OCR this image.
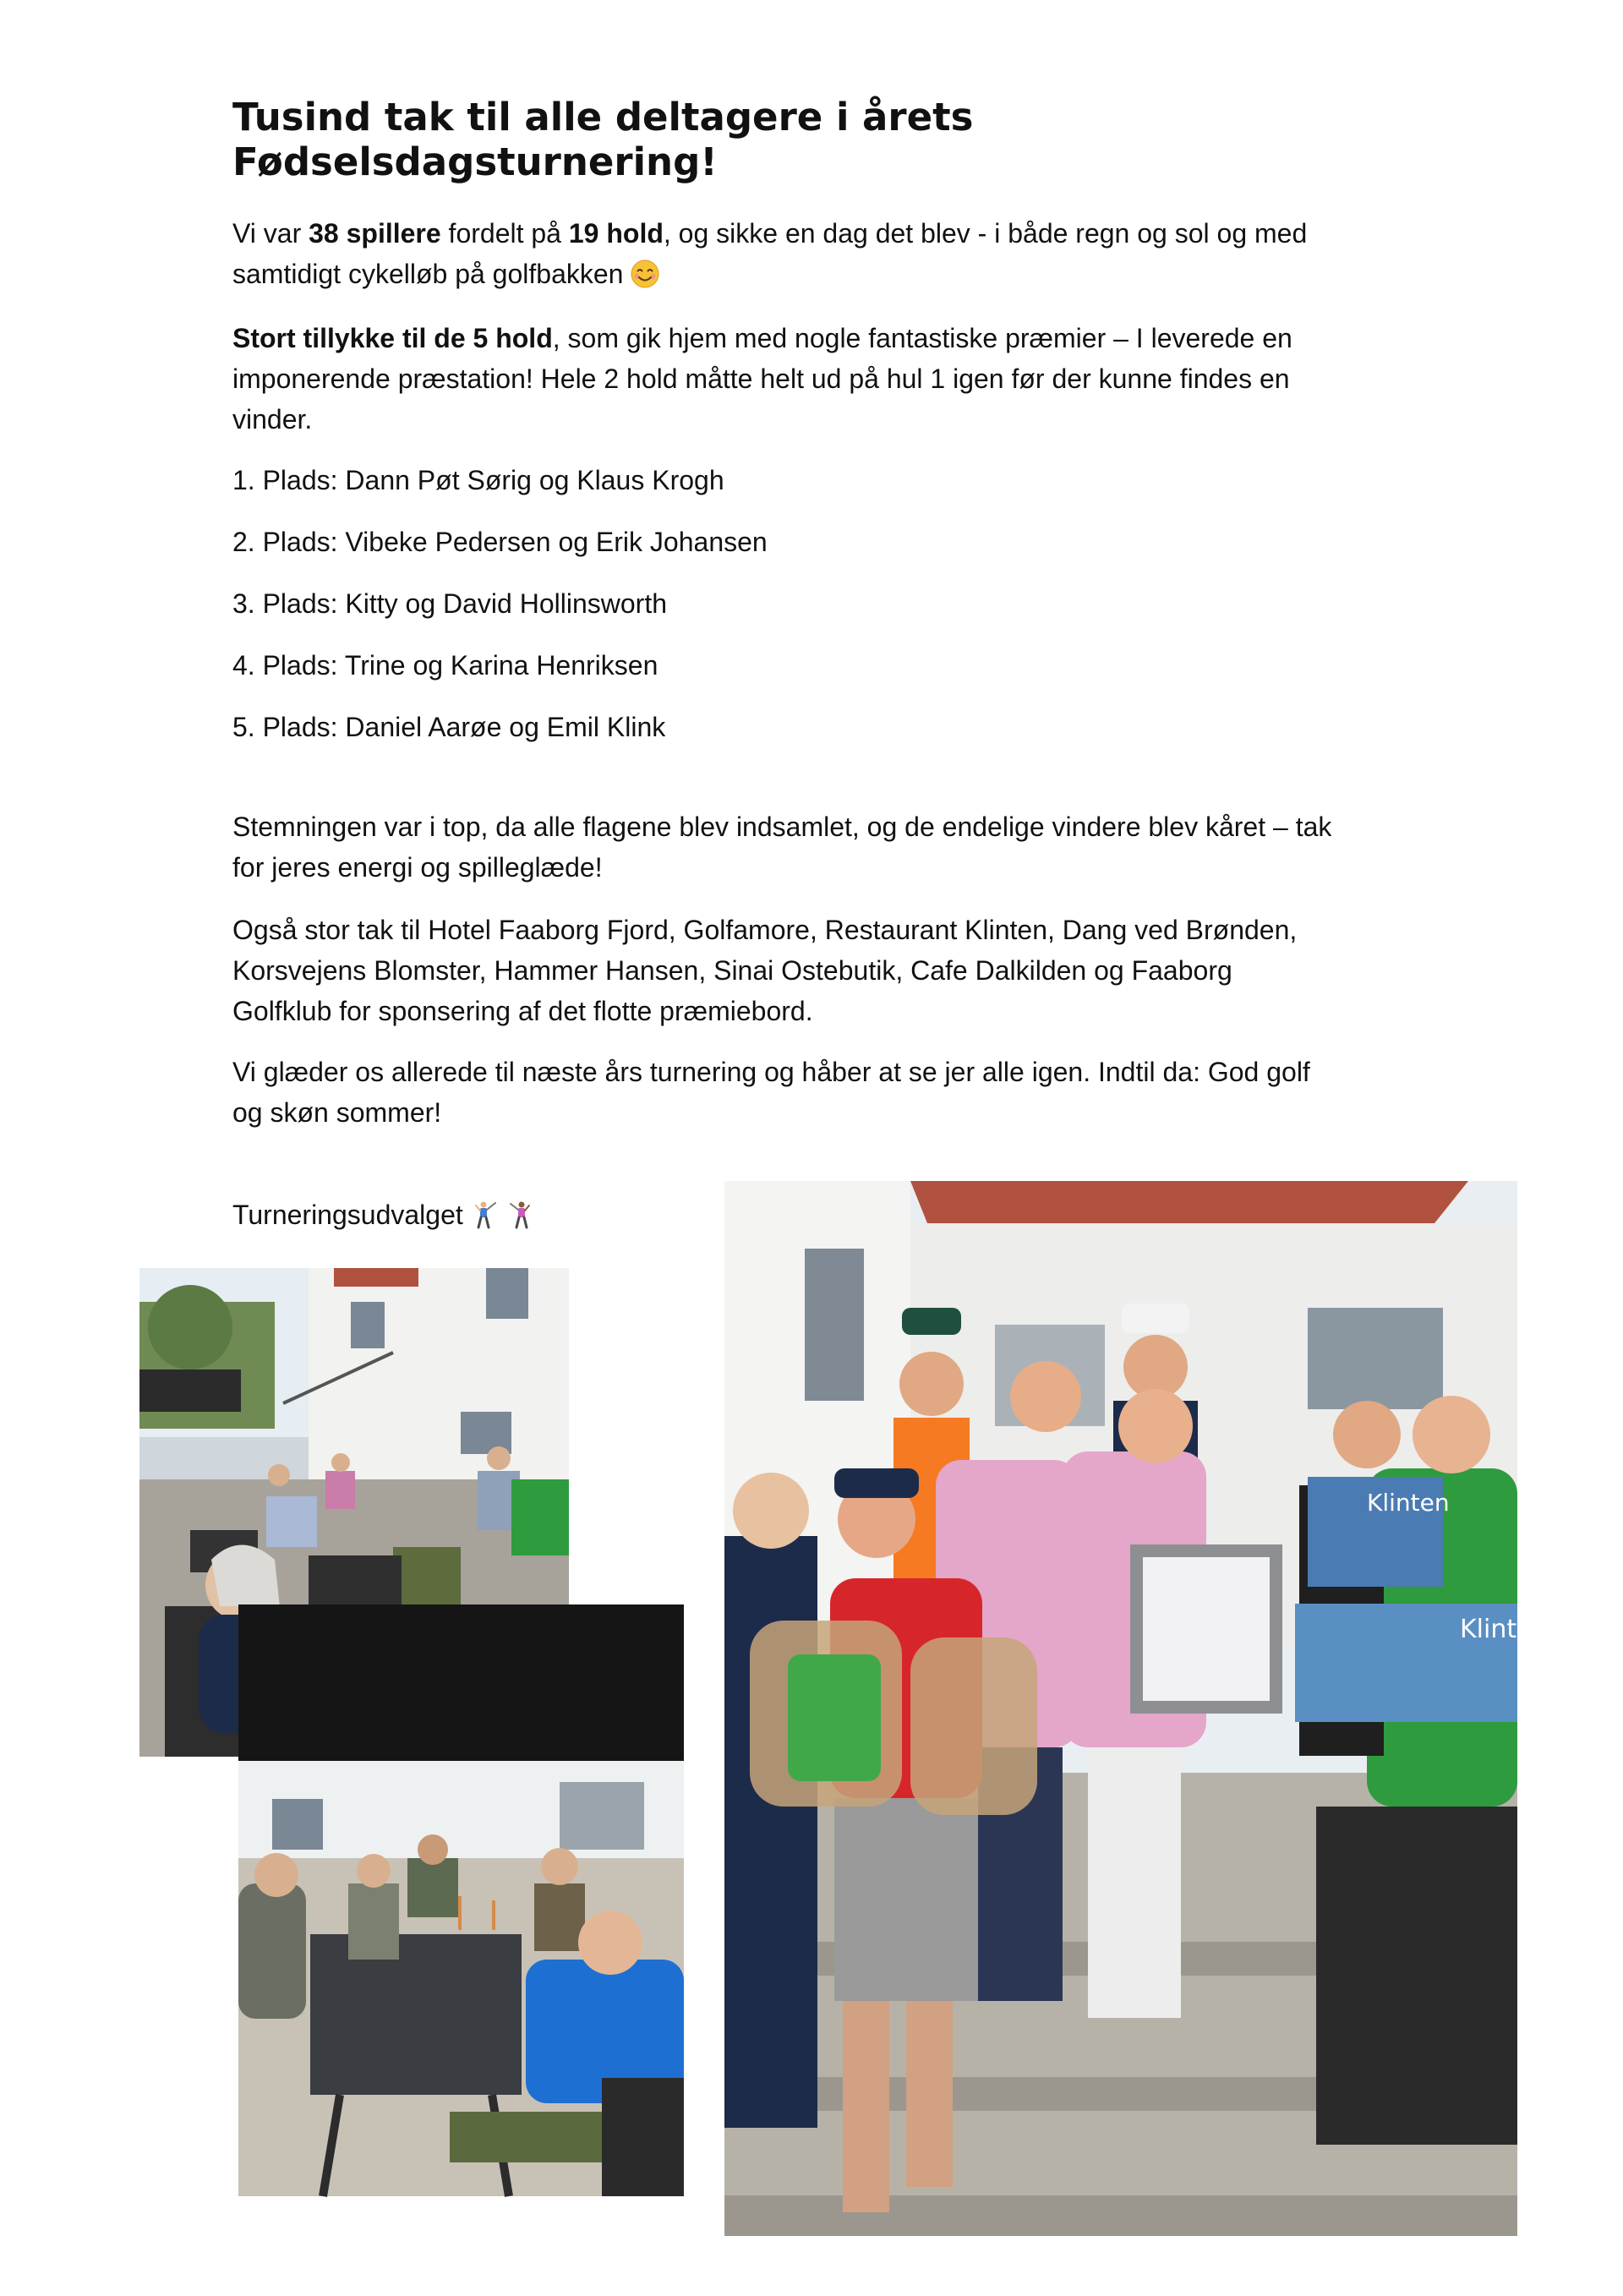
Tusind tak til alle deltagere i årets Fødselsdagsturnering!

Vi var 38 spillere fordelt på 19 hold, og sikke en dag det blev - i både regn og sol og med
samtidigt cykelløb på golfbakken

Stort tillykke til de 5 hold, som gik hjem med nogle fantastiske præmier – I leverede en
imponerende præstation! Hele 2 hold måtte helt ud på hul 1 igen før der kunne findes en
vinder.

1. Plads: Dann Pøt Sørig og Klaus Krogh

2. Plads: Vibeke Pedersen og Erik Johansen

3. Plads: Kitty og David Hollinsworth

4. Plads: Trine og Karina Henriksen

5. Plads: Daniel Aarøe og Emil Klink

Stemningen var i top, da alle flagene blev indsamlet, og de endelige vindere blev kåret – tak
for jeres energi og spilleglæde!

Også stor tak til Hotel Faaborg Fjord, Golfamore, Restaurant Klinten, Dang ved Brønden,
Korsvejens Blomster, Hammer Hansen, Sinai Ostebutik, Cafe Dalkilden og Faaborg
Golfklub for sponsering af det flotte præmiebord.

Vi glæder os allerede til næste års turnering og håber at se jer alle igen. Indtil da: God golf
og skøn sommer!

Turneringsudvalget

Klinten
Klinten
